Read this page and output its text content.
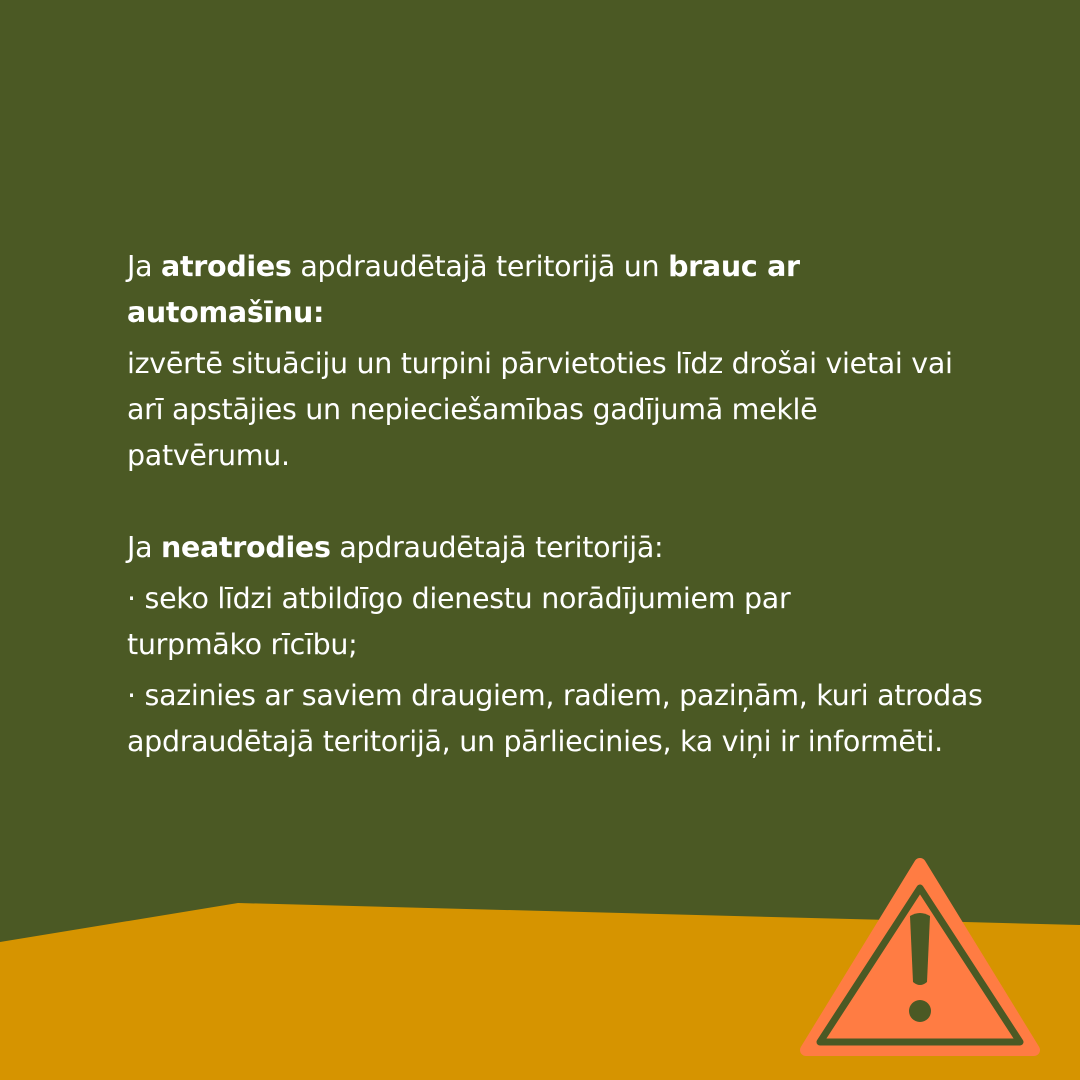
Ja atrodies apdraudētajā teritorijā un brauc ar automašīnu:

izvērtē situāciju un turpini pārvietoties līdz drošai vietai vai arī apstājies un nepieciešamības gadījumā meklē patvērumu.

Ja neatrodies apdraudētajā teritorijā:

· seko līdzi atbildīgo dienestu norādījumiem par turpmāko rīcību;

· sazinies ar saviem draugiem, radiem, paziņām, kuri atrodas apdraudētajā teritorijā, un pārliecinies, ka viņi ir informēti.
